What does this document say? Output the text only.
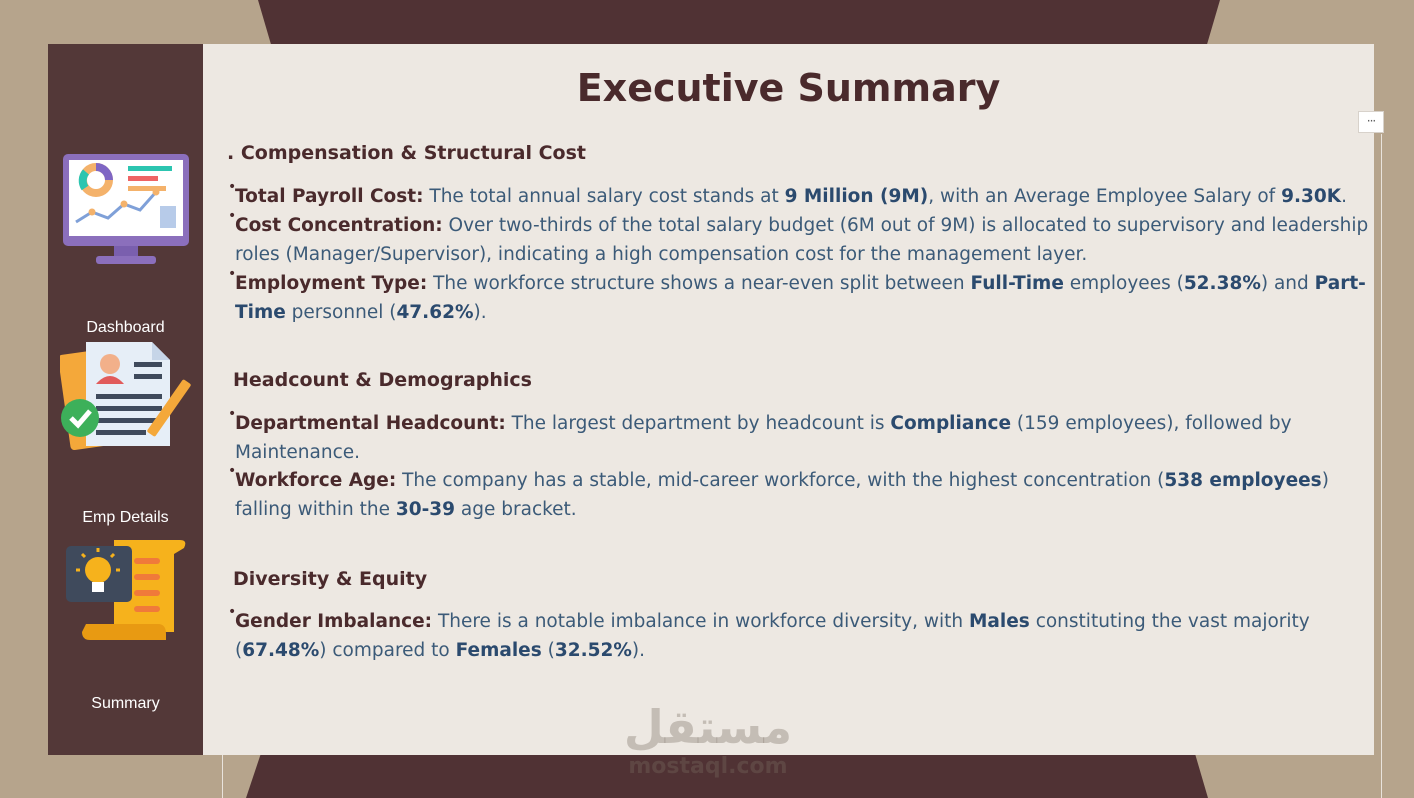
Dashboard
Emp Details
Summary
Executive Summary
···
. Compensation & Structural Cost
•
Total Payroll Cost: The total annual salary cost stands at 9 Million (9M), with an Average Employee Salary of 9.30K.
•
Cost Concentration: Over two-thirds of the total salary budget (6M out of 9M) is allocated to supervisory and leadership roles (Manager/Supervisor), indicating a high compensation cost for the management layer.
•
Employment Type: The workforce structure shows a near-even split between Full-Time employees (52.38%) and Part-Time personnel (47.62%).
Headcount & Demographics
•
Departmental Headcount: The largest department by headcount is Compliance (159 employees), followed by Maintenance.
•
Workforce Age: The company has a stable, mid-career workforce, with the highest concentration (538 employees) falling within the 30-39 age bracket.
Diversity & Equity
•
Gender Imbalance: There is a notable imbalance in workforce diversity, with Males constituting the vast majority (67.48%) compared to Females (32.52%).
مستقل
mostaql.com
